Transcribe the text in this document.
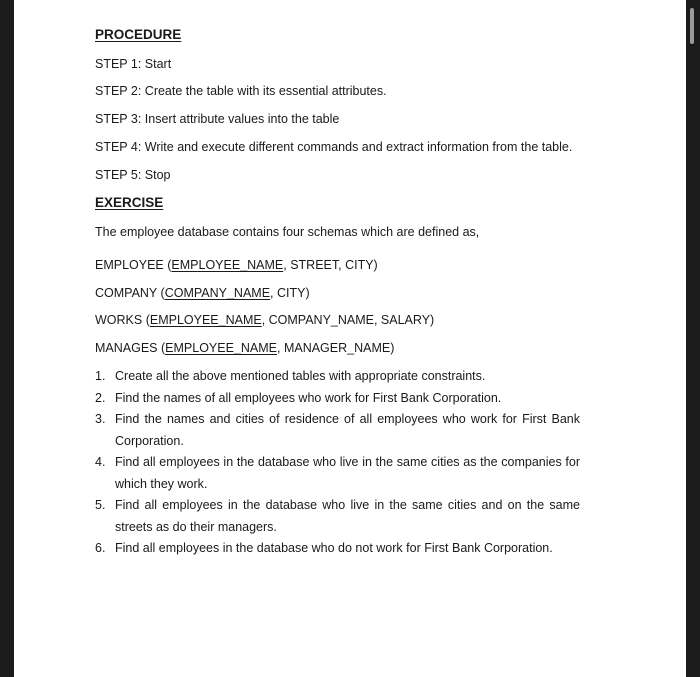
PROCEDURE
STEP 1: Start
STEP 2: Create the table with its essential attributes.
STEP 3: Insert attribute values into the table
STEP 4: Write and execute different commands and extract information from the table.
STEP 5: Stop
EXERCISE
The employee database contains four schemas which are defined as,
EMPLOYEE (EMPLOYEE_NAME, STREET, CITY)
COMPANY (COMPANY_NAME, CITY)
WORKS (EMPLOYEE_NAME, COMPANY_NAME, SALARY)
MANAGES (EMPLOYEE_NAME, MANAGER_NAME)
1. Create all the above mentioned tables with appropriate constraints.
2. Find the names of all employees who work for First Bank Corporation.
3. Find the names and cities of residence of all employees who work for First Bank Corporation.
4. Find all employees in the database who live in the same cities as the companies for which they work.
5. Find all employees in the database who live in the same cities and on the same streets as do their managers.
6. Find all employees in the database who do not work for First Bank Corporation.
